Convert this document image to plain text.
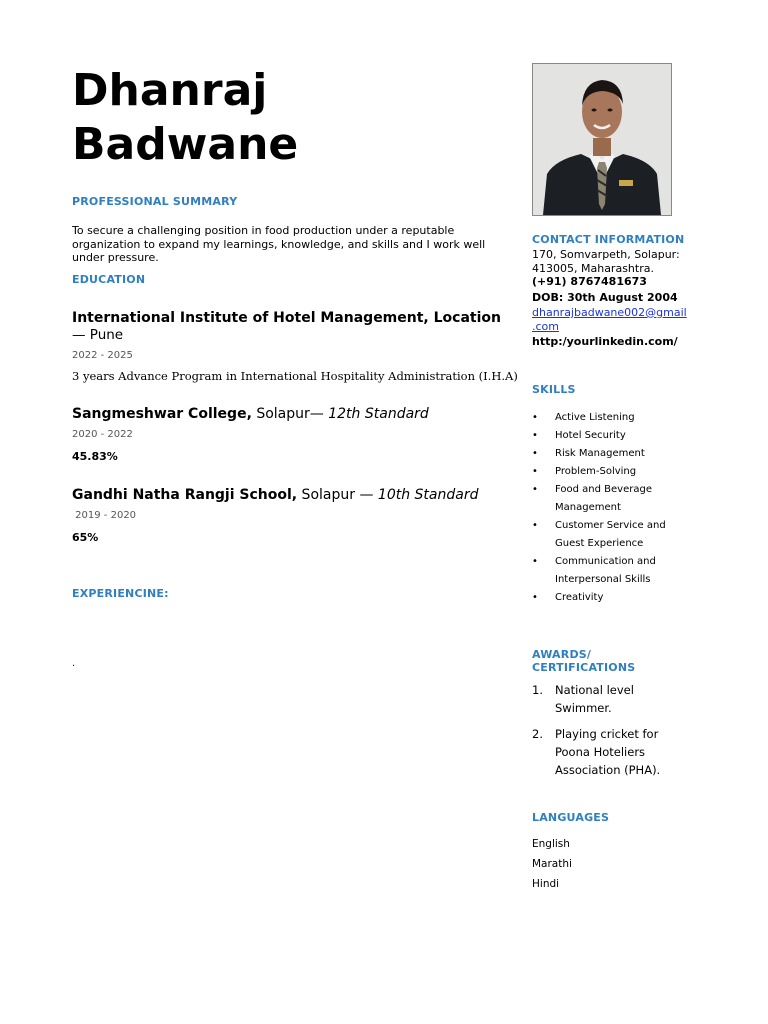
Dhanraj
Badwane
PROFESSIONAL SUMMARY
To secure a challenging position in food production under a reputable organization to expand my learnings, knowledge, and skills and I work well under pressure.
EDUCATION
International Institute of Hotel Management, Location
— Pune
2022 - 2025
3 years Advance Program in International Hospitality Administration (I.H.A)
Sangmeshwar College, Solapur— 12th Standard
2020 - 2022
45.83%
Gandhi Natha Rangji School, Solapur — 10th Standard
2019 - 2020
65%
EXPERIENCINE:
.
CONTACT INFORMATION
170, Somvarpeth, Solapur:
413005, Maharashtra.
(+91) 8767481673
DOB: 30th August 2004
dhanrajbadwane002@gmail
.com
http:/yourlinkedin.com/
SKILLS
• Active Listening
• Hotel Security
• Risk Management
• Problem-Solving
• Food and Beverage
Management
• Customer Service and
Guest Experience
• Communication and
Interpersonal Skills
• Creativity
AWARDS/
CERTIFICATIONS
1. National level
Swimmer.
2. Playing cricket for
Poona Hoteliers
Association (PHA).
LANGUAGES
English
Marathi
Hindi
